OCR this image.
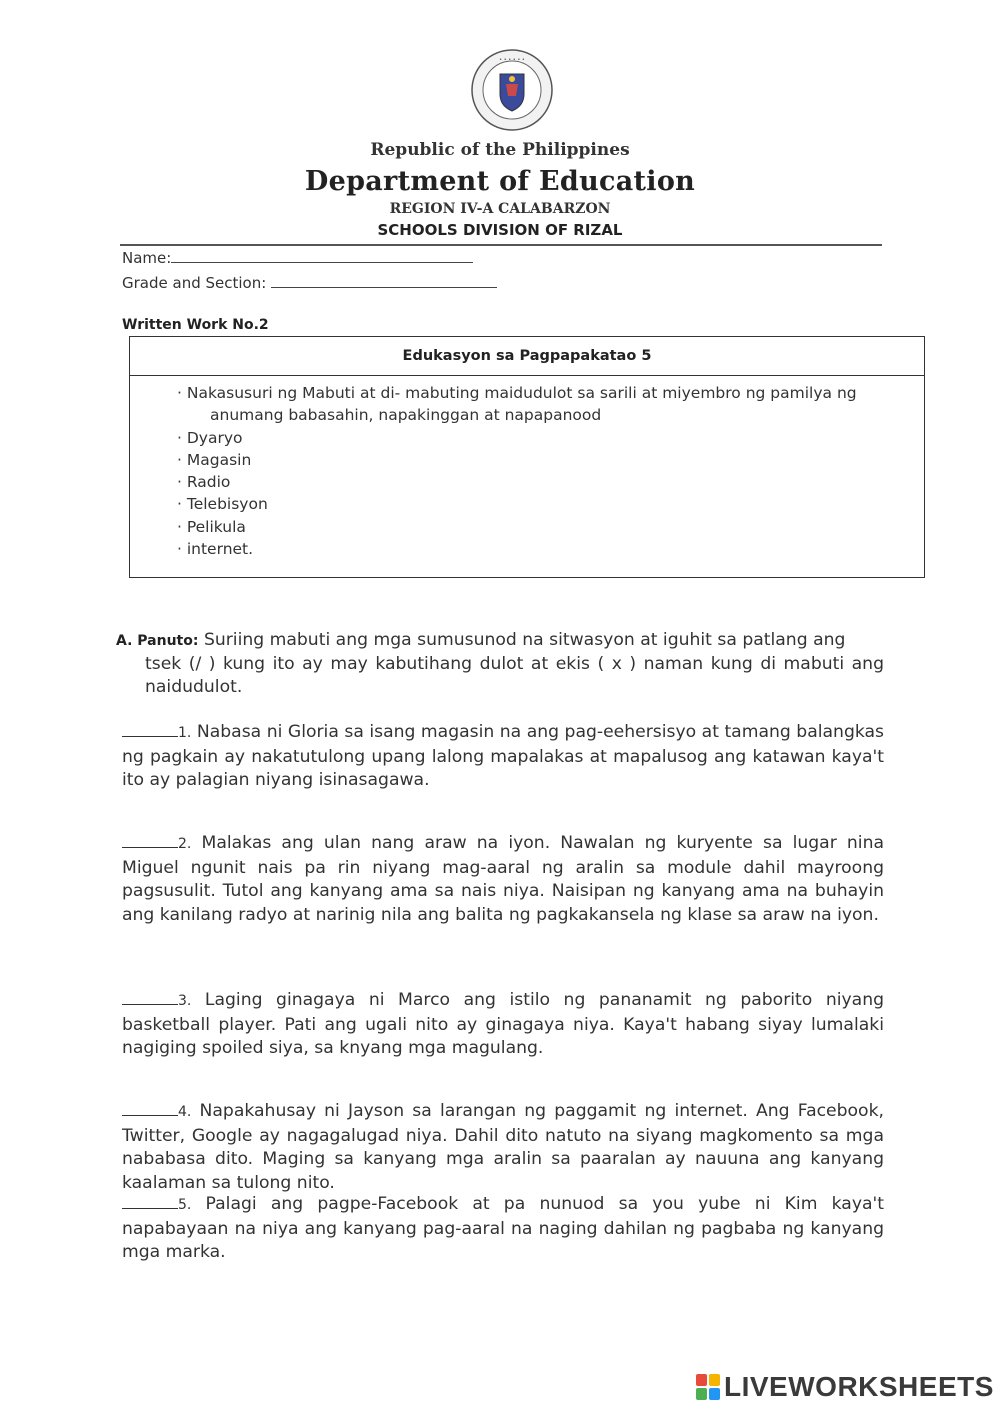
• • • • • •
Republic of the Philippines
Department of Education
REGION IV-A CALABARZON
SCHOOLS DIVISION OF RIZAL
Name:
Grade and Section:
Written Work No.2
Edukasyon sa Pagpapakatao 5
· Nakasusuri ng Mabuti at di- mabuting maidudulot sa sarili at miyembro ng pamilya ng
anumang babasahin, napakinggan at napapanood
· Dyaryo
· Magasin
· Radio
· Telebisyon
· Pelikula
· internet.
A. Panuto: Suriing mabuti ang mga sumusunod na sitwasyon at iguhit sa patlang ang
tsek (/ ) kung ito ay may kabutihang dulot at ekis ( x ) naman kung di mabuti ang naidudulot.
1. Nabasa ni Gloria sa isang magasin na ang pag-eehersisyo at tamang balangkas ng pagkain ay nakatutulong upang lalong mapalakas at mapalusog ang katawan kaya't ito ay palagian niyang isinasagawa.
2. Malakas ang ulan nang araw na iyon. Nawalan ng kuryente sa lugar nina Miguel ngunit nais pa rin niyang mag-aaral ng aralin sa module dahil mayroong pagsusulit. Tutol ang kanyang ama sa nais niya. Naisipan ng kanyang ama na buhayin ang kanilang radyo at narinig nila ang balita ng pagkakansela ng klase sa araw na iyon.
3. Laging ginagaya ni Marco ang istilo ng pananamit ng paborito niyang basketball player. Pati ang ugali nito ay ginagaya niya. Kaya't habang siyay lumalaki nagiging spoiled siya, sa knyang mga magulang.
4. Napakahusay ni Jayson sa larangan ng paggamit ng internet. Ang Facebook, Twitter, Google ay nagagalugad niya. Dahil dito natuto na siyang magkomento sa mga nababasa dito. Maging sa kanyang mga aralin sa paaralan ay nauuna ang kanyang kaalaman sa tulong nito.
5. Palagi ang pagpe-Facebook at pa nunuod sa you yube ni Kim kaya't napabayaan na niya ang kanyang pag-aaral na naging dahilan ng pagbaba ng kanyang mga marka.
LIVEWORKSHEETS
